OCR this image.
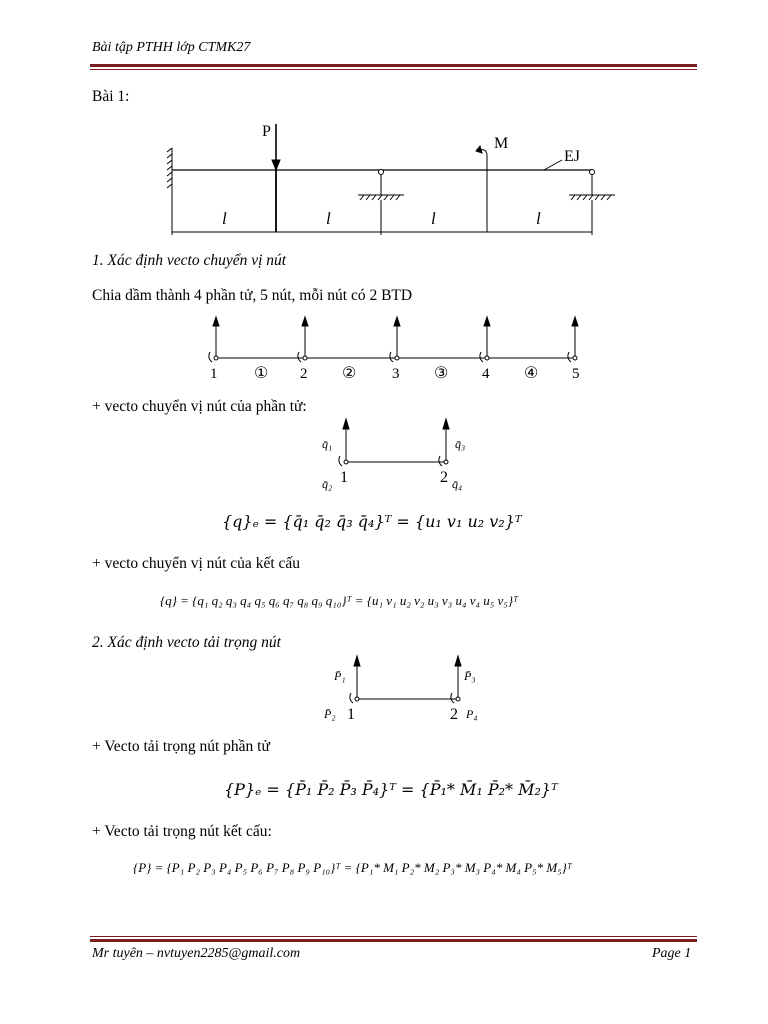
Bài tập PTHH lớp CTMK27
Bài 1:
P
M
EJ
l	l	l	l
1. Xác định vecto chuyển vị nút
Chia dầm thành 4 phần tử, 5 nút, mỗi nút có 2 BTD
1	2	3	4	5
①	②	③	④
+ vecto chuyển vị nút của phần tử:
q̄₁	q̄₃
q̄₂	q̄₄
1	2
{q}ₑ = {q̄₁ q̄₂ q̄₃ q̄₄}ᵀ = {u₁ v₁ u₂ v₂}ᵀ
+ vecto chuyển vị nút của kết cấu
{q} = {q₁ q₂ q₃ q₄ q₅ q₆ q₇ q₈ q₉ q₁₀}ᵀ = {u₁ v₁ u₂ v₂ u₃ v₃ u₄ v₄ u₅ v₅}ᵀ
2. Xác định vecto tải trọng nút
P̄₁	P̄₃
P̄₂	P₄
1	2
+ Vecto tải trọng nút phần tử
{P}ₑ = {P̄₁ P̄₂ P̄₃ P̄₄}ᵀ = {P̄₁* M̄₁ P̄₂* M̄₂}ᵀ
+ Vecto tải trọng nút kết cấu:
{P} = {P₁ P₂ P₃ P₄ P₅ P₆ P₇ P₈ P₉ P₁₀}ᵀ = {P₁* M₁ P₂* M₂ P₃* M₃ P₄* M₄ P₅* M₅}ᵀ
Mr tuyên – nvtuyen2285@gmail.com	Page 1
